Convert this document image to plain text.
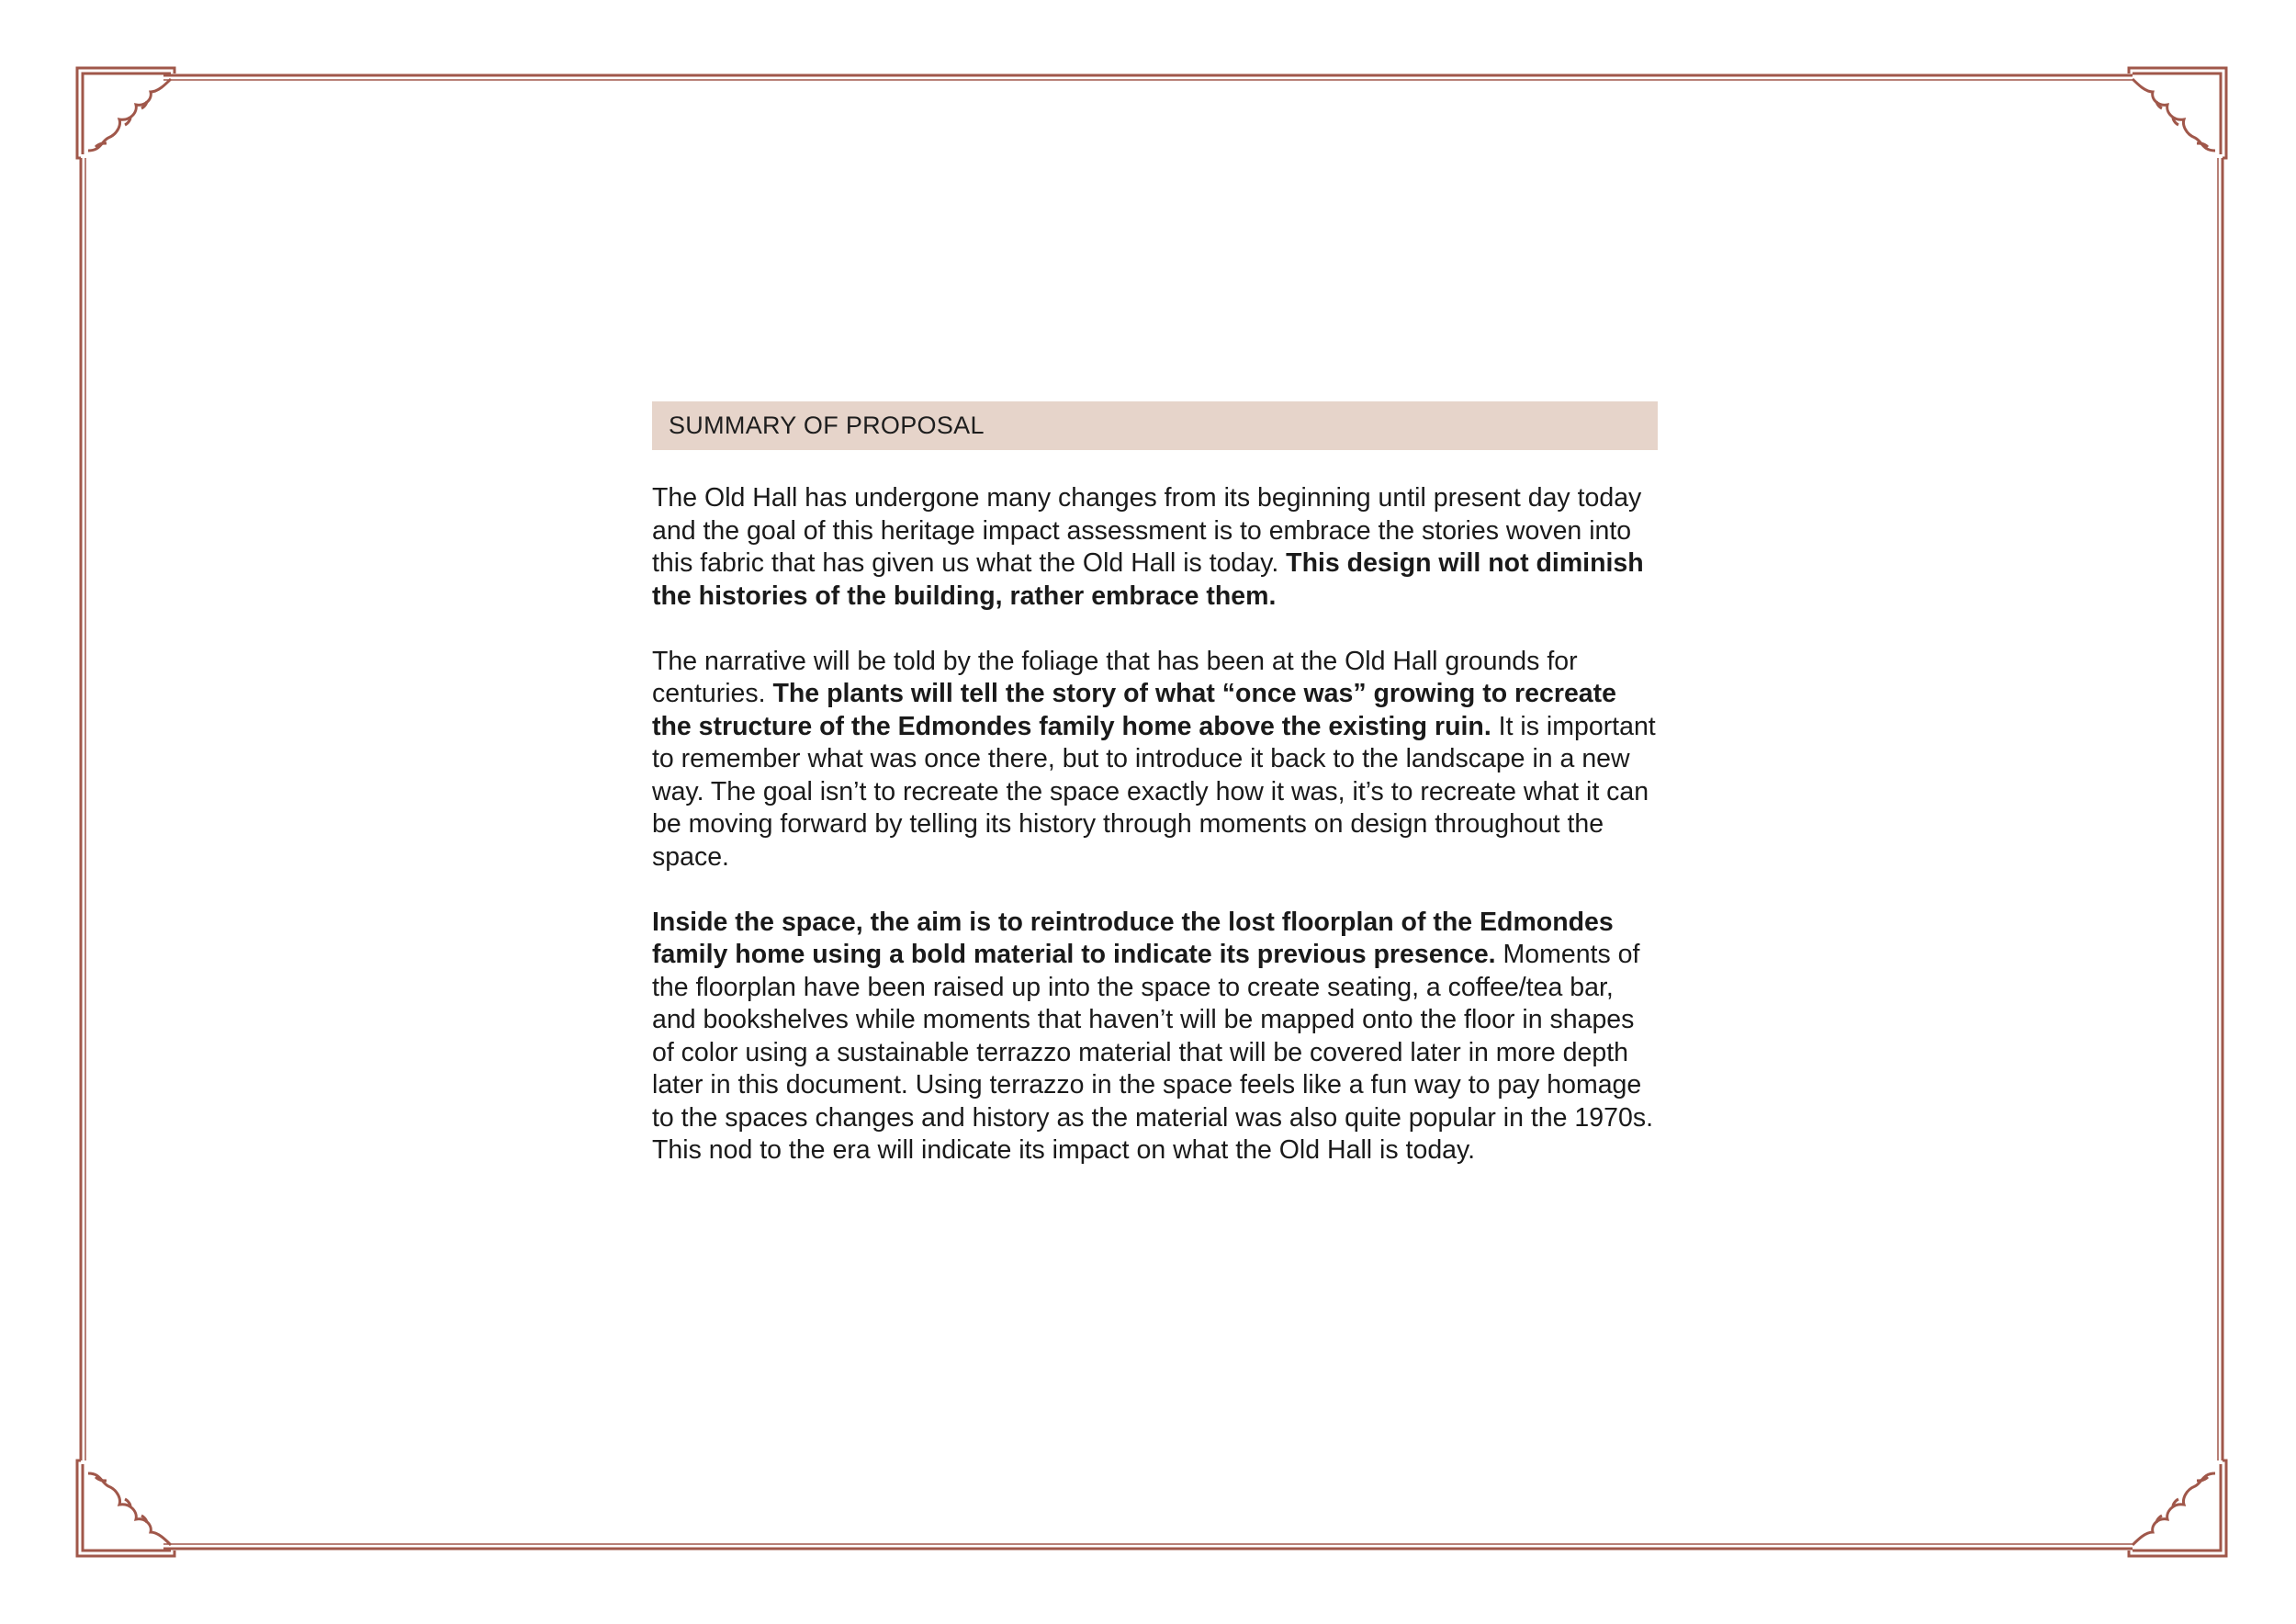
SUMMARY OF PROPOSAL

The Old Hall has undergone many changes from its beginning until present day today and the goal of this heritage impact assessment is to embrace the stories woven into this fabric that has given us what the Old Hall is today. This design will not diminish the histories of the building, rather embrace them.

The narrative will be told by the foliage that has been at the Old Hall grounds for centuries. The plants will tell the story of what “once was” growing to recreate the structure of the Edmondes family home above the existing ruin. It is important to remember what was once there, but to introduce it back to the landscape in a new way. The goal isn’t to recreate the space exactly how it was, it’s to recreate what it can be moving forward by telling its history through moments on design throughout the space.

Inside the space, the aim is to reintroduce the lost floorplan of the Edmondes family home using a bold material to indicate its previous presence. Moments of the floorplan have been raised up into the space to create seating, a coffee/tea bar, and bookshelves while moments that haven’t will be mapped onto the floor in shapes of color using a sustainable terrazzo material that will be covered later in more depth later in this document. Using terrazzo in the space feels like a fun way to pay homage to the spaces changes and history as the material was also quite popular in the 1970s. This nod to the era will indicate its impact on what the Old Hall is today.
